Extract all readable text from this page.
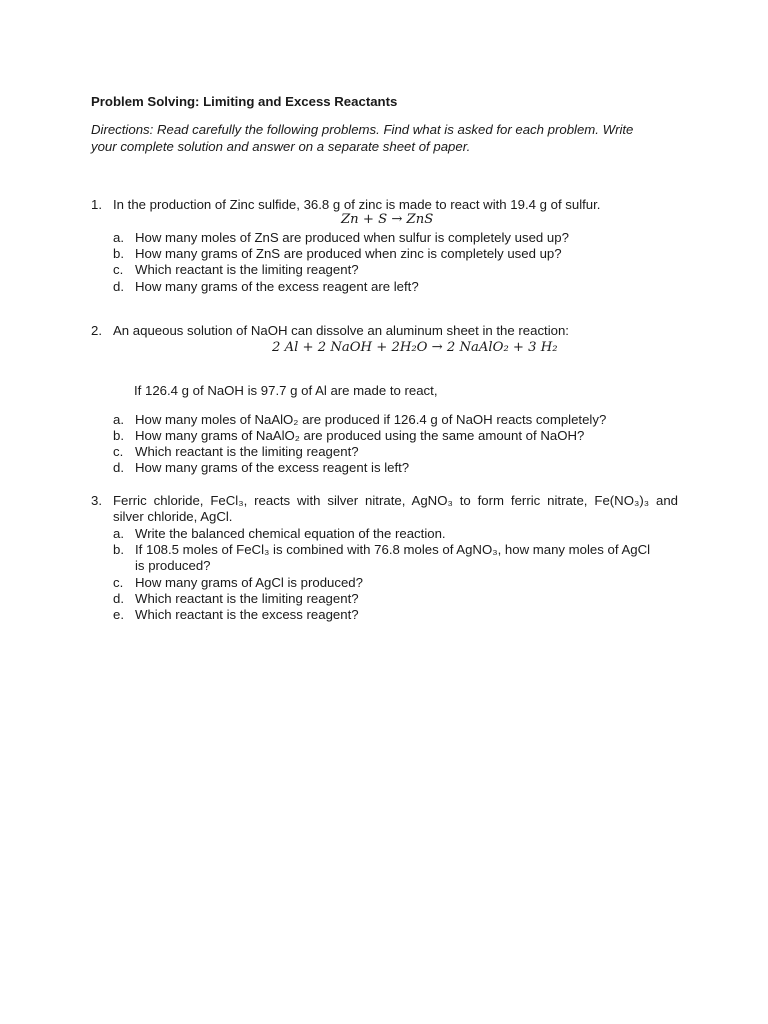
Problem Solving: Limiting and Excess Reactants
Directions: Read carefully the following problems. Find what is asked for each problem. Write
your complete solution and answer on a separate sheet of paper.
1. In the production of Zinc sulfide, 36.8 g of zinc is made to react with 19.4 g of sulfur.
Zn + S → ZnS
a. How many moles of ZnS are produced when sulfur is completely used up?
b. How many grams of ZnS are produced when zinc is completely used up?
c. Which reactant is the limiting reagent?
d. How many grams of the excess reagent are left?
2. An aqueous solution of NaOH can dissolve an aluminum sheet in the reaction:
2 Al + 2 NaOH + 2H₂O → 2 NaAlO₂ + 3 H₂
If 126.4 g of NaOH is 97.7 g of Al are made to react,
a. How many moles of NaAlO₂ are produced if 126.4 g of NaOH reacts completely?
b. How many grams of NaAlO₂ are produced using the same amount of NaOH?
c. Which reactant is the limiting reagent?
d. How many grams of the excess reagent is left?
3. Ferric chloride, FeCl₃, reacts with silver nitrate, AgNO₃ to form ferric nitrate, Fe(NO₃)₃ and
silver chloride, AgCl.
a. Write the balanced chemical equation of the reaction.
b. If 108.5 moles of FeCl₃ is combined with 76.8 moles of AgNO₃, how many moles of AgCl
is produced?
c. How many grams of AgCl is produced?
d. Which reactant is the limiting reagent?
e. Which reactant is the excess reagent?
